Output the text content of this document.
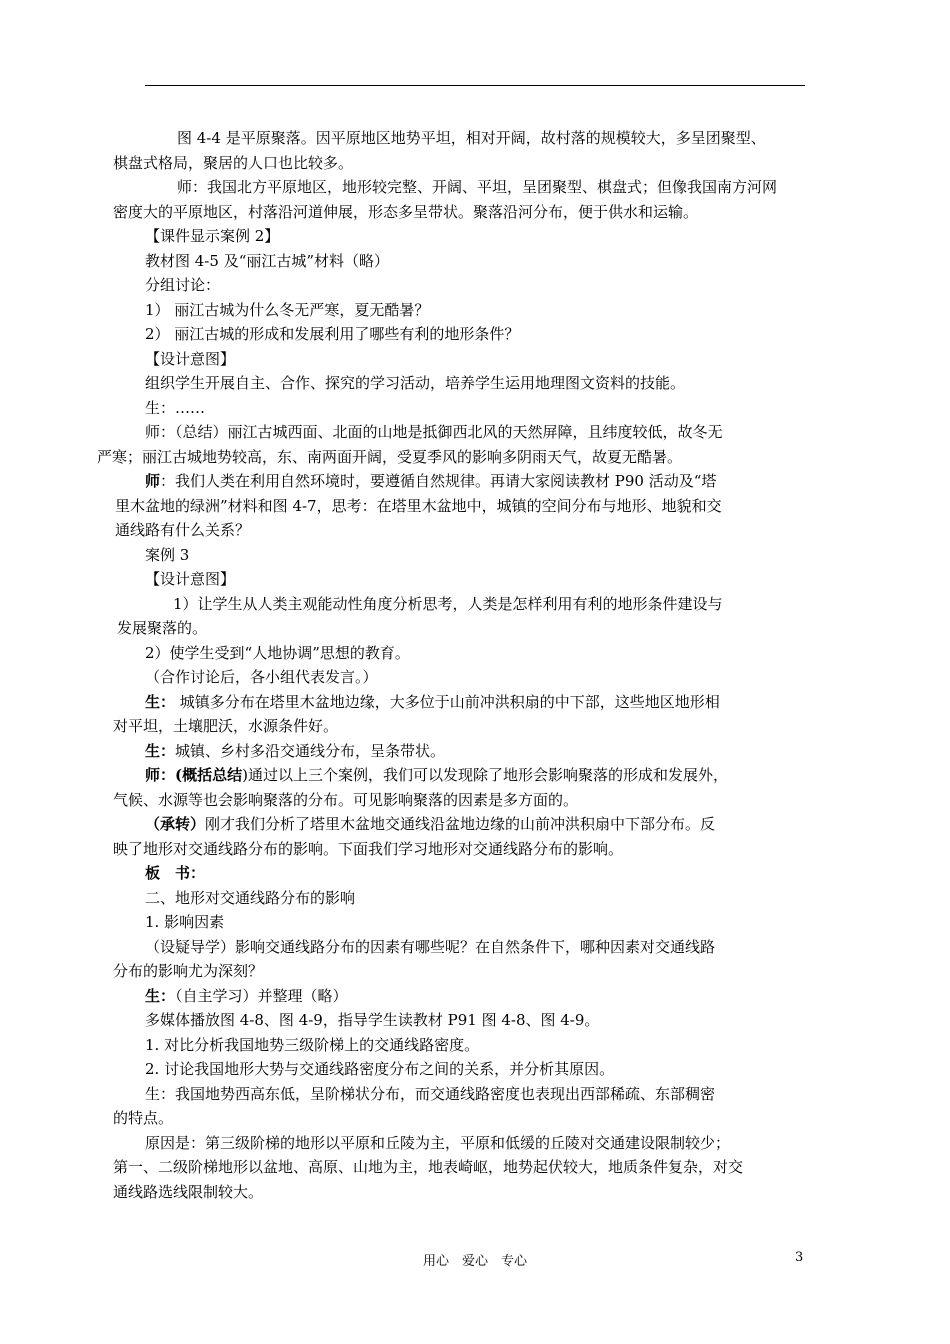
图 4-4 是平原聚落。因平原地区地势平坦，相对开阔，故村落的规模较大，多呈团聚型、
棋盘式格局，聚居的人口也比较多。

师：我国北方平原地区，地形较完整、开阔、平坦，呈团聚型、棋盘式；但像我国南方河网
密度大的平原地区，村落沿河道伸展，形态多呈带状。聚落沿河分布，便于供水和运输。

【课件显示案例 2】

教材图 4-5 及“丽江古城”材料（略）

分组讨论：

1） 丽江古城为什么冬无严寒，夏无酷暑？

2） 丽江古城的形成和发展利用了哪些有利的地形条件？

【设计意图】

组织学生开展自主、合作、探究的学习活动，培养学生运用地理图文资料的技能。

生：……

师：（总结）丽江古城西面、北面的山地是抵御西北风的天然屏障，且纬度较低，故冬无
严寒；丽江古城地势较高，东、南两面开阔，受夏季风的影响多阴雨天气，故夏无酷暑。

师：我们人类在利用自然环境时，要遵循自然规律。再请大家阅读教材 P90 活动及“塔
里木盆地的绿洲”材料和图 4-7，思考：在塔里木盆地中，城镇的空间分布与地形、地貌和交
通线路有什么关系？

案例 3

【设计意图】

1）让学生从人类主观能动性角度分析思考，人类是怎样利用有利的地形条件建设与
发展聚落的。

2）使学生受到“人地协调”思想的教育。

（合作讨论后，各小组代表发言。）

生： 城镇多分布在塔里木盆地边缘，大多位于山前冲洪积扇的中下部，这些地区地形相
对平坦，土壤肥沃，水源条件好。

生：城镇、乡村多沿交通线分布，呈条带状。

师：(概括总结)通过以上三个案例，我们可以发现除了地形会影响聚落的形成和发展外，
气候、水源等也会影响聚落的分布。可见影响聚落的因素是多方面的。

（承转）刚才我们分析了塔里木盆地交通线沿盆地边缘的山前冲洪积扇中下部分布。反
映了地形对交通线路分布的影响。下面我们学习地形对交通线路分布的影响。

板　书：

二、地形对交通线路分布的影响

1. 影响因素

（设疑导学）影响交通线路分布的因素有哪些呢？在自然条件下，哪种因素对交通线路
分布的影响尤为深刻？

生：（自主学习）并整理（略）

多媒体播放图 4-8、图 4-9，指导学生读教材 P91 图 4-8、图 4-9。

1. 对比分析我国地势三级阶梯上的交通线路密度。

2. 讨论我国地形大势与交通线路密度分布之间的关系，并分析其原因。

生：我国地势西高东低，呈阶梯状分布，而交通线路密度也表现出西部稀疏、东部稠密
的特点。

原因是：第三级阶梯的地形以平原和丘陵为主，平原和低缓的丘陵对交通建设限制较少；
第一、二级阶梯地形以盆地、高原、山地为主，地表崎岖，地势起伏较大，地质条件复杂，对交
通线路选线限制较大。

用心　爱心　专心	3
